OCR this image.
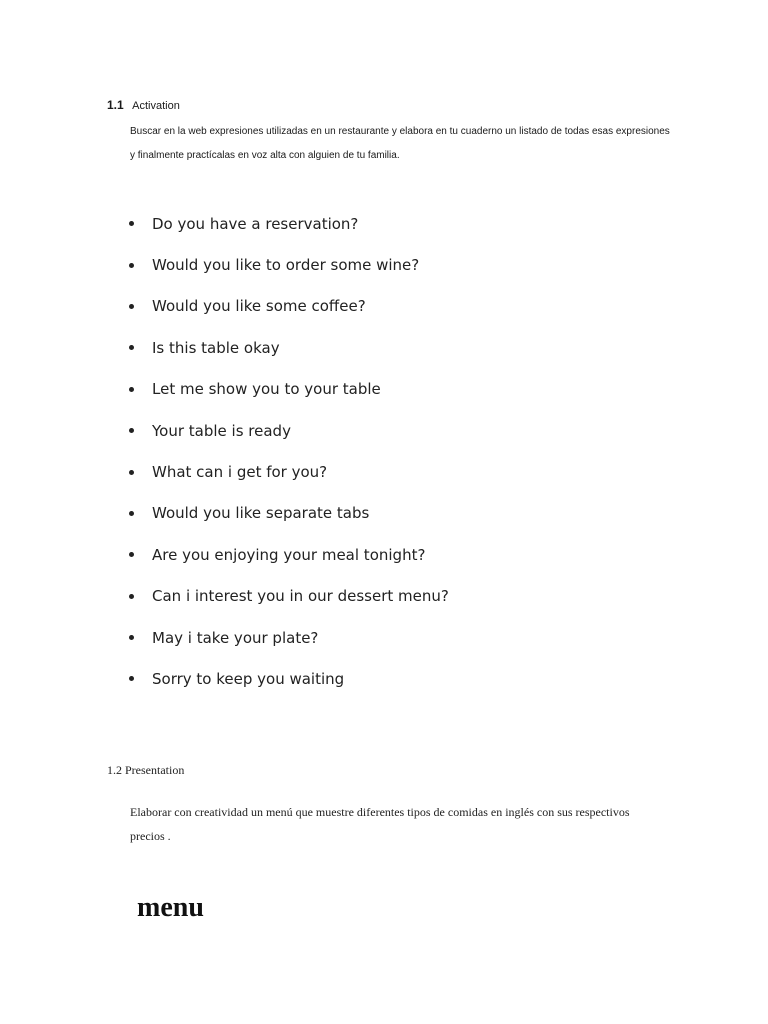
1.1 Activation

Buscar en la web expresiones utilizadas en un restaurante y elabora en tu cuaderno un listado de todas esas expresiones y finalmente practícalas en voz alta con alguien de tu familia.

Do you have a reservation?
Would you like to order some wine?
Would you like some coffee?
Is this table okay
Let me show you to your table
Your table is ready
What can i get for you?
Would you like separate tabs
Are you enjoying your meal tonight?
Can i interest you in our dessert menu?
May i take your plate?
Sorry to keep you waiting
1.2 Presentation

Elaborar con creatividad un menú que muestre diferentes tipos de comidas en inglés con sus respectivos precios .

menu
